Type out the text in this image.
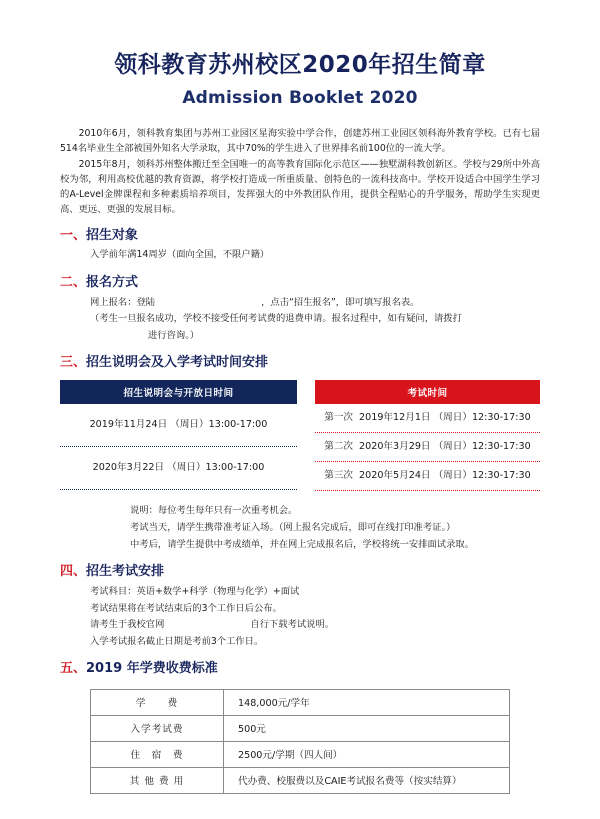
领科教育苏州校区2020年招生简章
Admission Booklet 2020

2010年6月，领科教育集团与苏州工业园区星海实验中学合作，创建苏州工业园区领科海外教育学校。已有七届514名毕业生全部被国外知名大学录取，其中70%的学生进入了世界排名前100位的一流大学。

2015年8月，领科苏州整体搬迁至全国唯一的高等教育国际化示范区——独墅湖科教创新区。学校与29所中外高校为邻，利用高校优越的教育资源，将学校打造成一所重质量、创特色的一流科技高中。学校开设适合中国学生学习的A-Level金牌课程和多种素质培养项目，发挥强大的中外教团队作用，提供全程贴心的升学服务，帮助学生实现更高、更远、更强的发展目标。

一、招生对象

入学前年满14周岁（面向全国，不限户籍）

二、报名方式

网上报名：登陆	，点击“招生报名”，即可填写报名表。

（考生一旦报名成功，学校不接受任何考试费的退费申请。报名过程中，如有疑问，请拨打

进行咨询。）

三、招生说明会及入学考试时间安排
招生说明会与开放日时间
2019年11月24日 （周日）13:00-17:00
2020年3月22日 （周日）13:00-17:00
考试时间
第一次 2019年12月1日 （周日）12:30-17:30
第二次 2020年3月29日 （周日）12:30-17:30
第三次 2020年5月24日 （周日）12:30-17:30

说明：每位考生每年只有一次重考机会。

考试当天，请学生携带准考证入场。（网上报名完成后，即可在线打印准考证。）

中考后，请学生提供中考成绩单，并在网上完成报名后，学校将统一安排面试录取。

四、招生考试安排

考试科目：英语+数学+科学（物理与化学）+面试

考试结果将在考试结束后的3个工作日后公布。

请考生于我校官网	自行下载考试说明。

入学考试报名截止日期是考前3个工作日。

五、2019 年学费收费标准
学　　费	148,000元/学年
入学考试费	500元
住　宿　费	2500元/学期（四人间）
其 他 费 用	代办费、校服费以及CAIE考试报名费等（按实结算）
